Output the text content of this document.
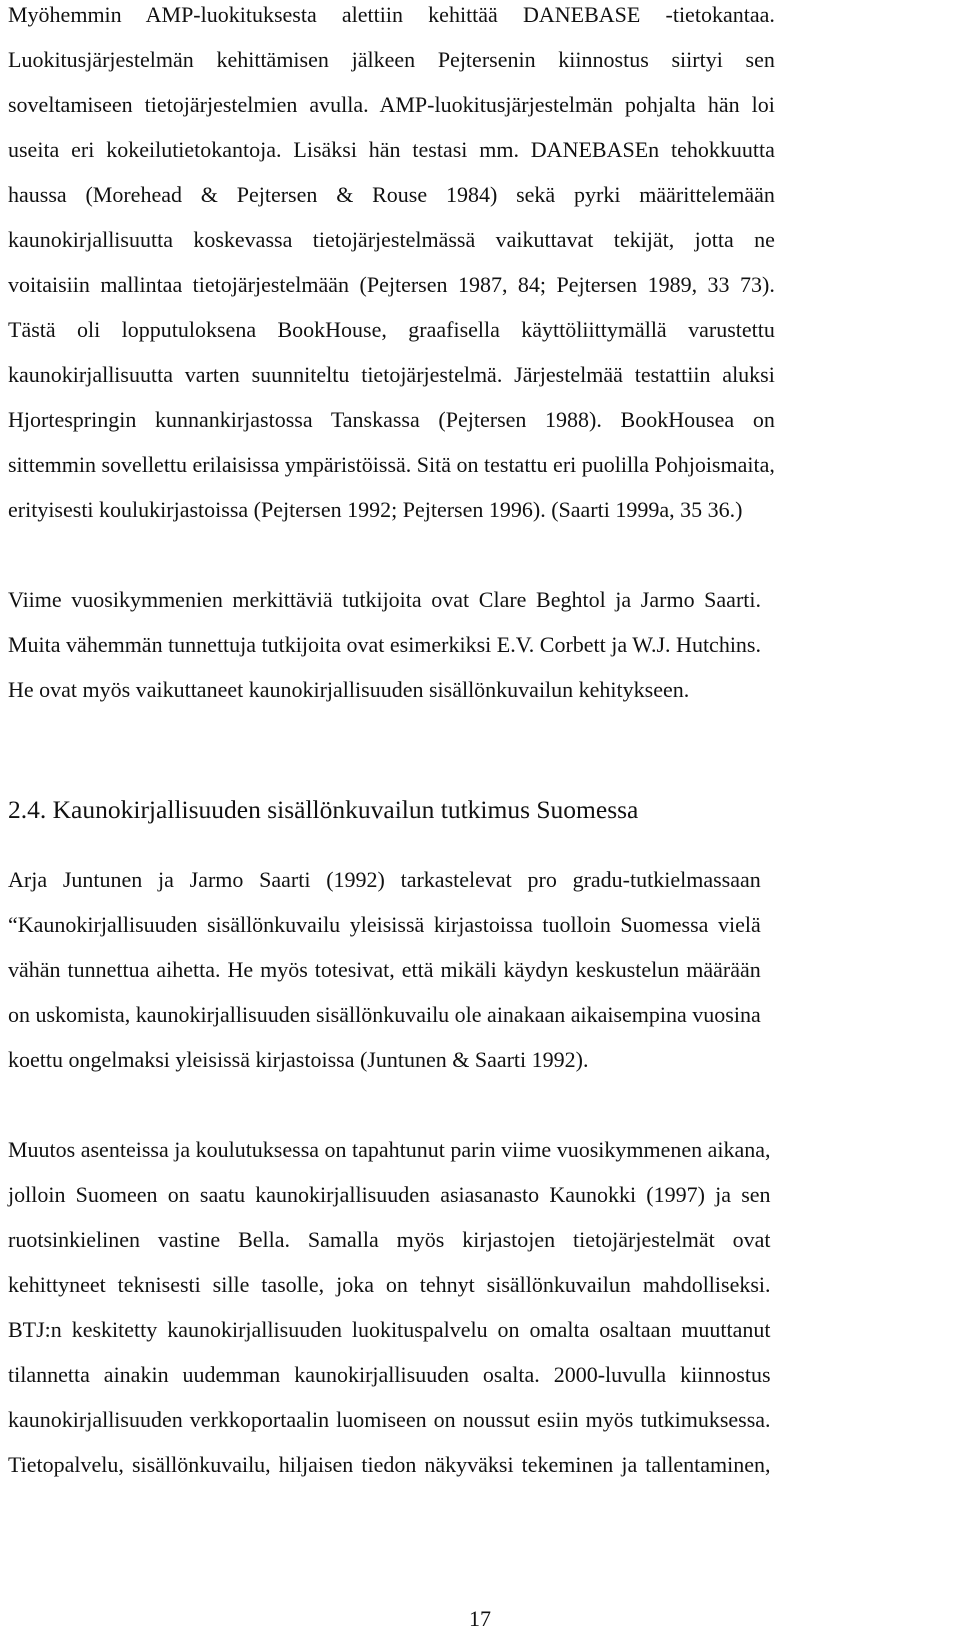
Myöhemmin AMP-luokituksesta alettiin kehittää DANEBASE -tietokantaa.
Luokitusjärjestelmän kehittämisen jälkeen Pejtersenin kiinnostus siirtyi sen
soveltamiseen tietojärjestelmien avulla. AMP-luokitusjärjestelmän pohjalta hän loi
useita eri kokeilutietokantoja. Lisäksi hän testasi mm. DANEBASEn tehokkuutta
haussa (Morehead & Pejtersen & Rouse 1984) sekä pyrki määrittelemään
kaunokirjallisuutta koskevassa tietojärjestelmässä vaikuttavat tekijät, jotta ne
voitaisiin mallintaa tietojärjestelmään (Pejtersen 1987, 84; Pejtersen 1989, 33 73).
Tästä oli lopputuloksena BookHouse, graafisella käyttöliittymällä varustettu
kaunokirjallisuutta varten suunniteltu tietojärjestelmä. Järjestelmää testattiin aluksi
Hjortespringin kunnankirjastossa Tanskassa (Pejtersen 1988). BookHousea on
sittemmin sovellettu erilaisissa ympäristöissä. Sitä on testattu eri puolilla Pohjoismaita,
erityisesti koulukirjastoissa (Pejtersen 1992; Pejtersen 1996). (Saarti 1999a, 35 36.)

Viime vuosikymmenien merkittäviä tutkijoita ovat Clare Beghtol ja Jarmo Saarti.
Muita vähemmän tunnettuja tutkijoita ovat esimerkiksi E.V. Corbett ja W.J. Hutchins.
He ovat myös vaikuttaneet kaunokirjallisuuden sisällönkuvailun kehitykseen.

2.4. Kaunokirjallisuuden sisällönkuvailun tutkimus Suomessa

Arja Juntunen ja Jarmo Saarti (1992) tarkastelevat pro gradu-tutkielmassaan
“Kaunokirjallisuuden sisällönkuvailu yleisissä kirjastoissa tuolloin Suomessa vielä
vähän tunnettua aihetta. He myös totesivat, että mikäli käydyn keskustelun määrään
on uskomista, kaunokirjallisuuden sisällönkuvailu ole ainakaan aikaisempina vuosina
koettu ongelmaksi yleisissä kirjastoissa (Juntunen & Saarti 1992).

Muutos asenteissa ja koulutuksessa on tapahtunut parin viime vuosikymmenen aikana,
jolloin Suomeen on saatu kaunokirjallisuuden asiasanasto Kaunokki (1997) ja sen
ruotsinkielinen vastine Bella. Samalla myös kirjastojen tietojärjestelmät ovat
kehittyneet teknisesti sille tasolle, joka on tehnyt sisällönkuvailun mahdolliseksi.
BTJ:n keskitetty kaunokirjallisuuden luokituspalvelu on omalta osaltaan muuttanut
tilannetta ainakin uudemman kaunokirjallisuuden osalta. 2000-luvulla kiinnostus
kaunokirjallisuuden verkkoportaalin luomiseen on noussut esiin myös tutkimuksessa.
Tietopalvelu, sisällönkuvailu, hiljaisen tiedon näkyväksi tekeminen ja tallentaminen,

17
